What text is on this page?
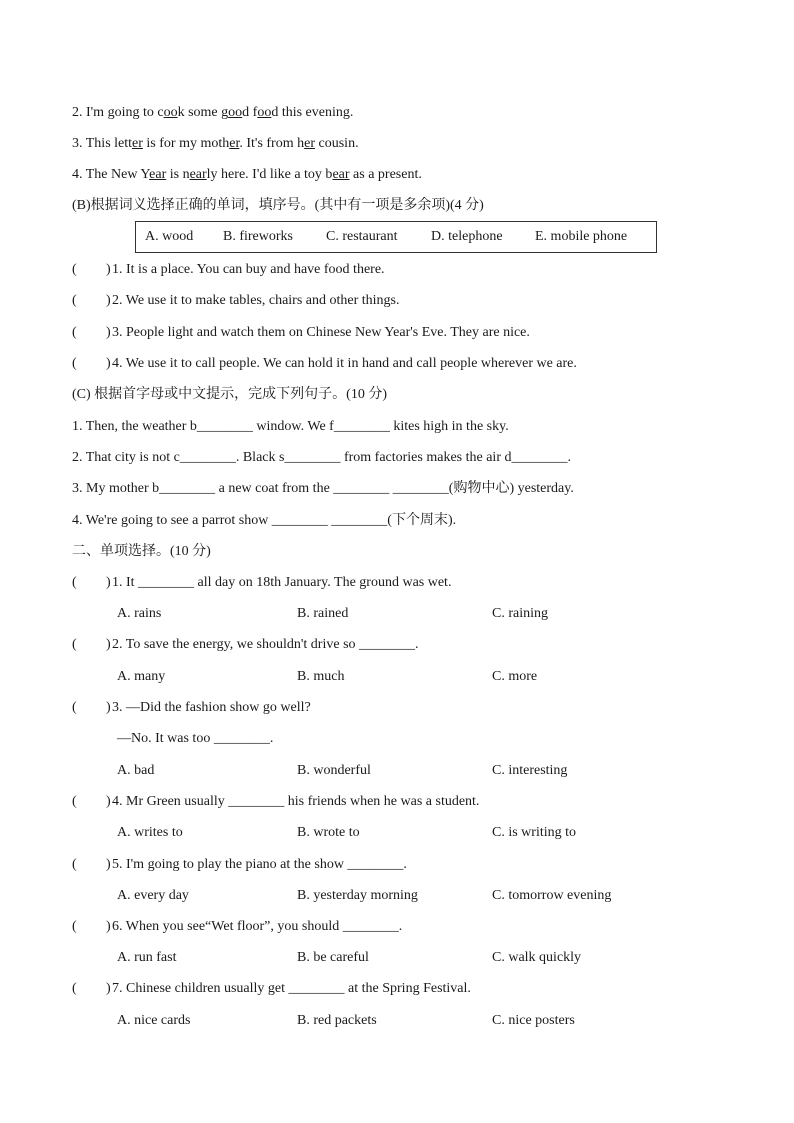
2. I'm going to cook some good food this evening.
3. This letter is for my mother. It's from her cousin.
4. The New Year is nearly here. I'd like a toy bear as a present.
(B)根据词义选择正确的单词，填序号。(其中有一项是多余项)(4 分)
A. wood B. fireworks C. restaurant D. telephone E. mobile phone
( ) 1. It is a place. You can buy and have food there.
( ) 2. We use it to make tables, chairs and other things.
( ) 3. People light and watch them on Chinese New Year's Eve. They are nice.
( ) 4. We use it to call people. We can hold it in hand and call people wherever we are.
(C) 根据首字母或中文提示，完成下列句子。(10 分)
1. Then, the weather b________ window. We f________ kites high in the sky.
2. That city is not c________. Black s________ from factories makes the air d________.
3. My mother b________ a new coat from the ________ ________(购物中心) yesterday.
4. We're going to see a parrot show ________ ________(下个周末).
二、单项选择。(10 分)
( ) 1. It ________ all day on 18th January. The ground was wet.
A. rains	B. rained	C. raining
( ) 2. To save the energy, we shouldn't drive so ________.
A. many	B. much	C. more
( ) 3. —Did the fashion show go well?
—No. It was too ________.
A. bad	B. wonderful	C. interesting
( ) 4. Mr Green usually ________ his friends when he was a student.
A. writes to	B. wrote to	C. is writing to
( ) 5. I'm going to play the piano at the show ________.
A. every day	B. yesterday morning	C. tomorrow evening
( ) 6. When you see“Wet floor”, you should ________.
A. run fast	B. be careful	C. walk quickly
( ) 7. Chinese children usually get ________ at the Spring Festival.
A. nice cards	B. red packets	C. nice posters
